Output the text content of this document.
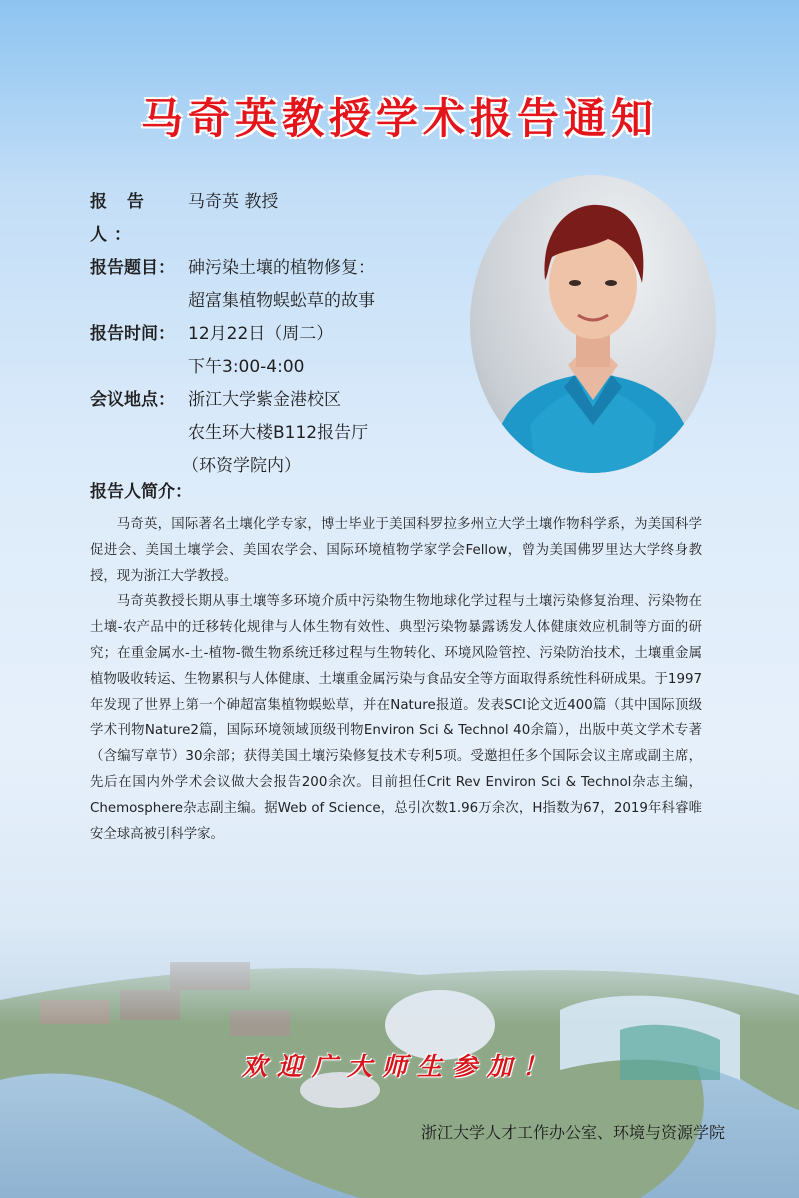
马奇英教授学术报告通知
报 告 人：
马奇英 教授
报告题目： 砷污染土壤的植物修复：
超富集植物蜈蚣草的故事
报告时间： 12月22日（周二）
下午3:00-4:00
会议地点： 浙江大学紫金港校区
农生环大楼B112报告厅
（环资学院内）
报告人简介：

马奇英，国际著名土壤化学专家，博士毕业于美国科罗拉多州立大学土壤作物科学系，为美国科学促进会、美国土壤学会、美国农学会、国际环境植物学家学会Fellow，曾为美国佛罗里达大学终身教授，现为浙江大学教授。

马奇英教授长期从事土壤等多环境介质中污染物生物地球化学过程与土壤污染修复治理、污染物在土壤-农产品中的迁移转化规律与人体生物有效性、典型污染物暴露诱发人体健康效应机制等方面的研究；在重金属水-土-植物-微生物系统迁移过程与生物转化、环境风险管控、污染防治技术，土壤重金属植物吸收转运、生物累积与人体健康、土壤重金属污染与食品安全等方面取得系统性科研成果。于1997年发现了世界上第一个砷超富集植物蜈蚣草，并在Nature报道。发表SCI论文近400篇（其中国际顶级学术刊物Nature2篇，国际环境领域顶级刊物Environ Sci & Technol 40余篇），出版中英文学术专著（含编写章节）30余部；获得美国土壤污染修复技术专利5项。受邀担任多个国际会议主席或副主席，先后在国内外学术会议做大会报告200余次。目前担任Crit Rev Environ Sci & Technol杂志主编，Chemosphere杂志副主编。据Web of Science，总引次数1.96万余次，H指数为67，2019年科睿唯安全球高被引科学家。

欢迎广大师生参加！
浙江大学人才工作办公室、环境与资源学院
